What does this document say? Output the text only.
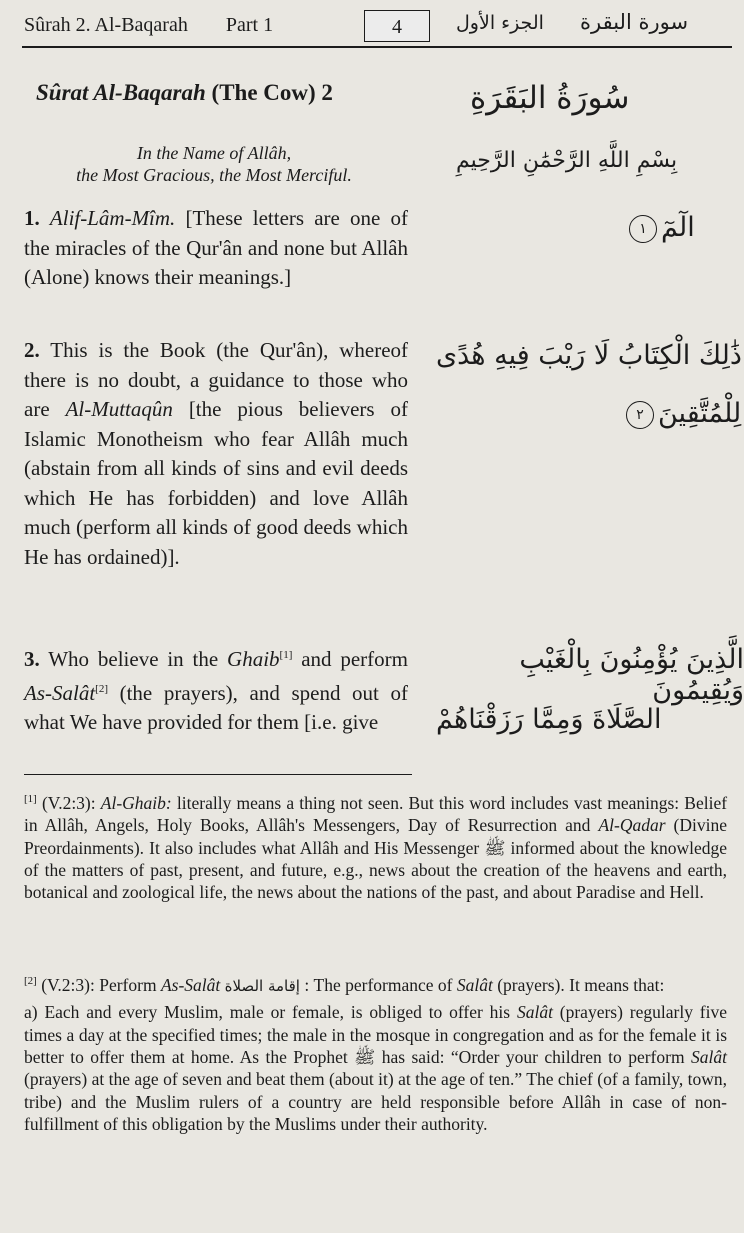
Sûrah 2. Al-Baqarah Part 1	4	الجزء الأول سورة البقرة
Sûrat Al-Baqarah (The Cow) 2	سُورَةُ البَقَرَةِ
In the Name of Allâh,
the Most Gracious, the Most Merciful.
بِسْمِ اللَّهِ الرَّحْمَٰنِ الرَّحِيمِ
1. Alif-Lâm-Mîm. [These letters are one of the miracles of the Qur'ân and none but Allâh (Alone) knows their meanings.]
الٓمٓ١
2. This is the Book (the Qur'ân), whereof there is no doubt, a guidance to those who are Al-Muttaqûn [the pious believers of Islamic Monotheism who fear Allâh much (abstain from all kinds of sins and evil deeds which He has forbidden) and love Allâh much (perform all kinds of good deeds which He has ordained)].
ذَٰلِكَ الْكِتَابُ لَا رَيْبَ فِيهِ هُدًى
لِلْمُتَّقِينَ٢
3. Who believe in the Ghaib[1] and perform As-Salât[2] (the prayers), and spend out of what We have provided for them [i.e. give
الَّذِينَ يُؤْمِنُونَ بِالْغَيْبِ وَيُقِيمُونَ
الصَّلَاةَ وَمِمَّا رَزَقْنَاهُمْ
[1] (V.2:3): Al-Ghaib: literally means a thing not seen. But this word includes vast meanings: Belief in Allâh, Angels, Holy Books, Allâh's Messengers, Day of Resurrection and Al-Qadar (Divine Preordainments). It also includes what Allâh and His Messenger ﷺ informed about the knowledge of the matters of past, present, and future, e.g., news about the creation of the heavens and earth, botanical and zoological life, the news about the nations of the past, and about Paradise and Hell.
[2] (V.2:3): Perform As-Salât إقامة الصلاة : The performance of Salât (prayers). It means that:
a) Each and every Muslim, male or female, is obliged to offer his Salât (prayers) regularly five times a day at the specified times; the male in the mosque in congregation and as for the female it is better to offer them at home. As the Prophet ﷺ has said: “Order your children to perform Salât (prayers) at the age of seven and beat them (about it) at the age of ten.” The chief (of a family, town, tribe) and the Muslim rulers of a country are held responsible before Allâh in case of non-fulfillment of this obligation by the Muslims under their authority.
